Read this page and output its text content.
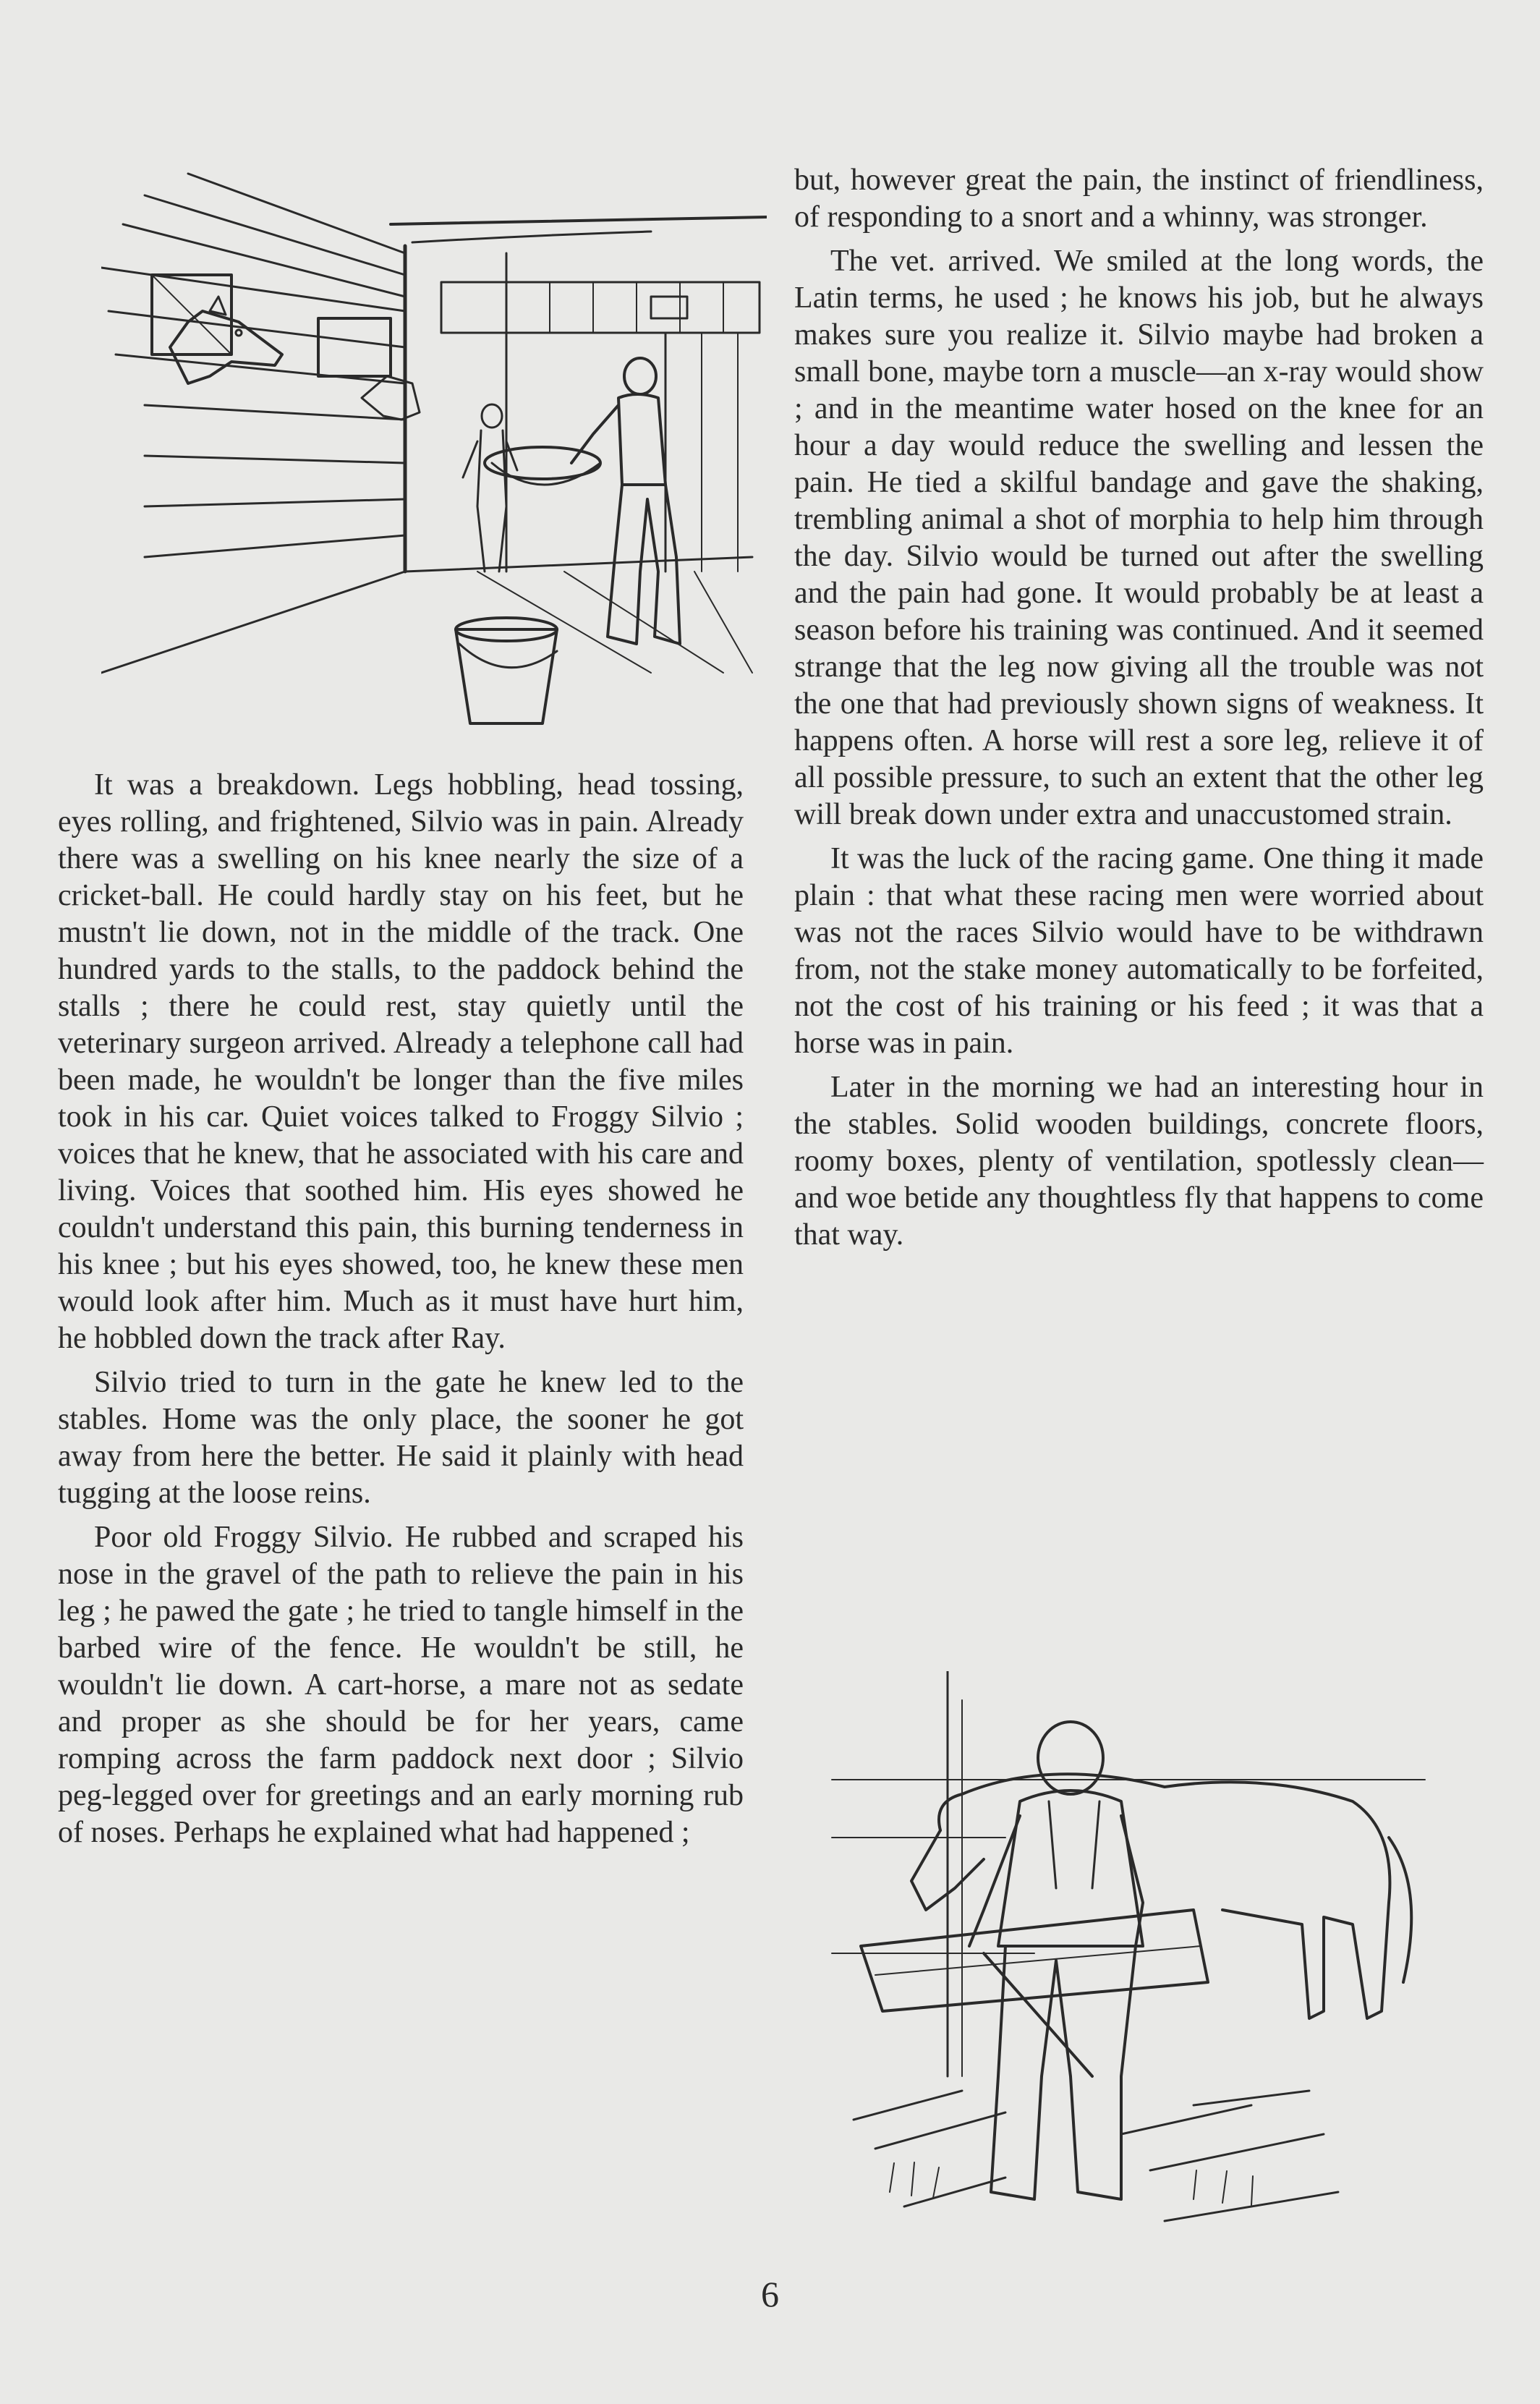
It was a breakdown. Legs hobbling, head tossing, eyes rolling, and frightened, Silvio was in pain. Already there was a swelling on his knee nearly the size of a cricket-ball. He could hardly stay on his feet, but he mustn't lie down, not in the middle of the track. One hundred yards to the stalls, to the paddock behind the stalls ; there he could rest, stay quietly until the veterinary surgeon arrived. Already a telephone call had been made, he wouldn't be longer than the five miles took in his car. Quiet voices talked to Froggy Silvio ; voices that he knew, that he associated with his care and living. Voices that soothed him. His eyes showed he couldn't understand this pain, this burning tenderness in his knee ; but his eyes showed, too, he knew these men would look after him. Much as it must have hurt him, he hobbled down the track after Ray.

Silvio tried to turn in the gate he knew led to the stables. Home was the only place, the sooner he got away from here the better. He said it plainly with head tugging at the loose reins.

Poor old Froggy Silvio. He rubbed and scraped his nose in the gravel of the path to relieve the pain in his leg ; he pawed the gate ; he tried to tangle himself in the barbed wire of the fence. He wouldn't be still, he wouldn't lie down. A cart-horse, a mare not as sedate and proper as she should be for her years, came romping across the farm paddock next door ; Silvio peg-legged over for greetings and an early morning rub of noses. Perhaps he explained what had happened ;

but, however great the pain, the instinct of friendliness, of responding to a snort and a whinny, was stronger.

The vet. arrived. We smiled at the long words, the Latin terms, he used ; he knows his job, but he always makes sure you realize it. Silvio maybe had broken a small bone, maybe torn a muscle—an x-ray would show ; and in the meantime water hosed on the knee for an hour a day would reduce the swelling and lessen the pain. He tied a skilful bandage and gave the shaking, trembling animal a shot of morphia to help him through the day. Silvio would be turned out after the swelling and the pain had gone. It would probably be at least a season before his training was continued. And it seemed strange that the leg now giving all the trouble was not the one that had previously shown signs of weakness. It happens often. A horse will rest a sore leg, relieve it of all possible pressure, to such an extent that the other leg will break down under extra and unaccustomed strain.

It was the luck of the racing game. One thing it made plain : that what these racing men were worried about was not the races Silvio would have to be withdrawn from, not the stake money automatically to be forfeited, not the cost of his training or his feed ; it was that a horse was in pain.

Later in the morning we had an interesting hour in the stables. Solid wooden buildings, concrete floors, roomy boxes, plenty of ventilation, spotlessly clean—and woe betide any thoughtless fly that happens to come that way.

6
